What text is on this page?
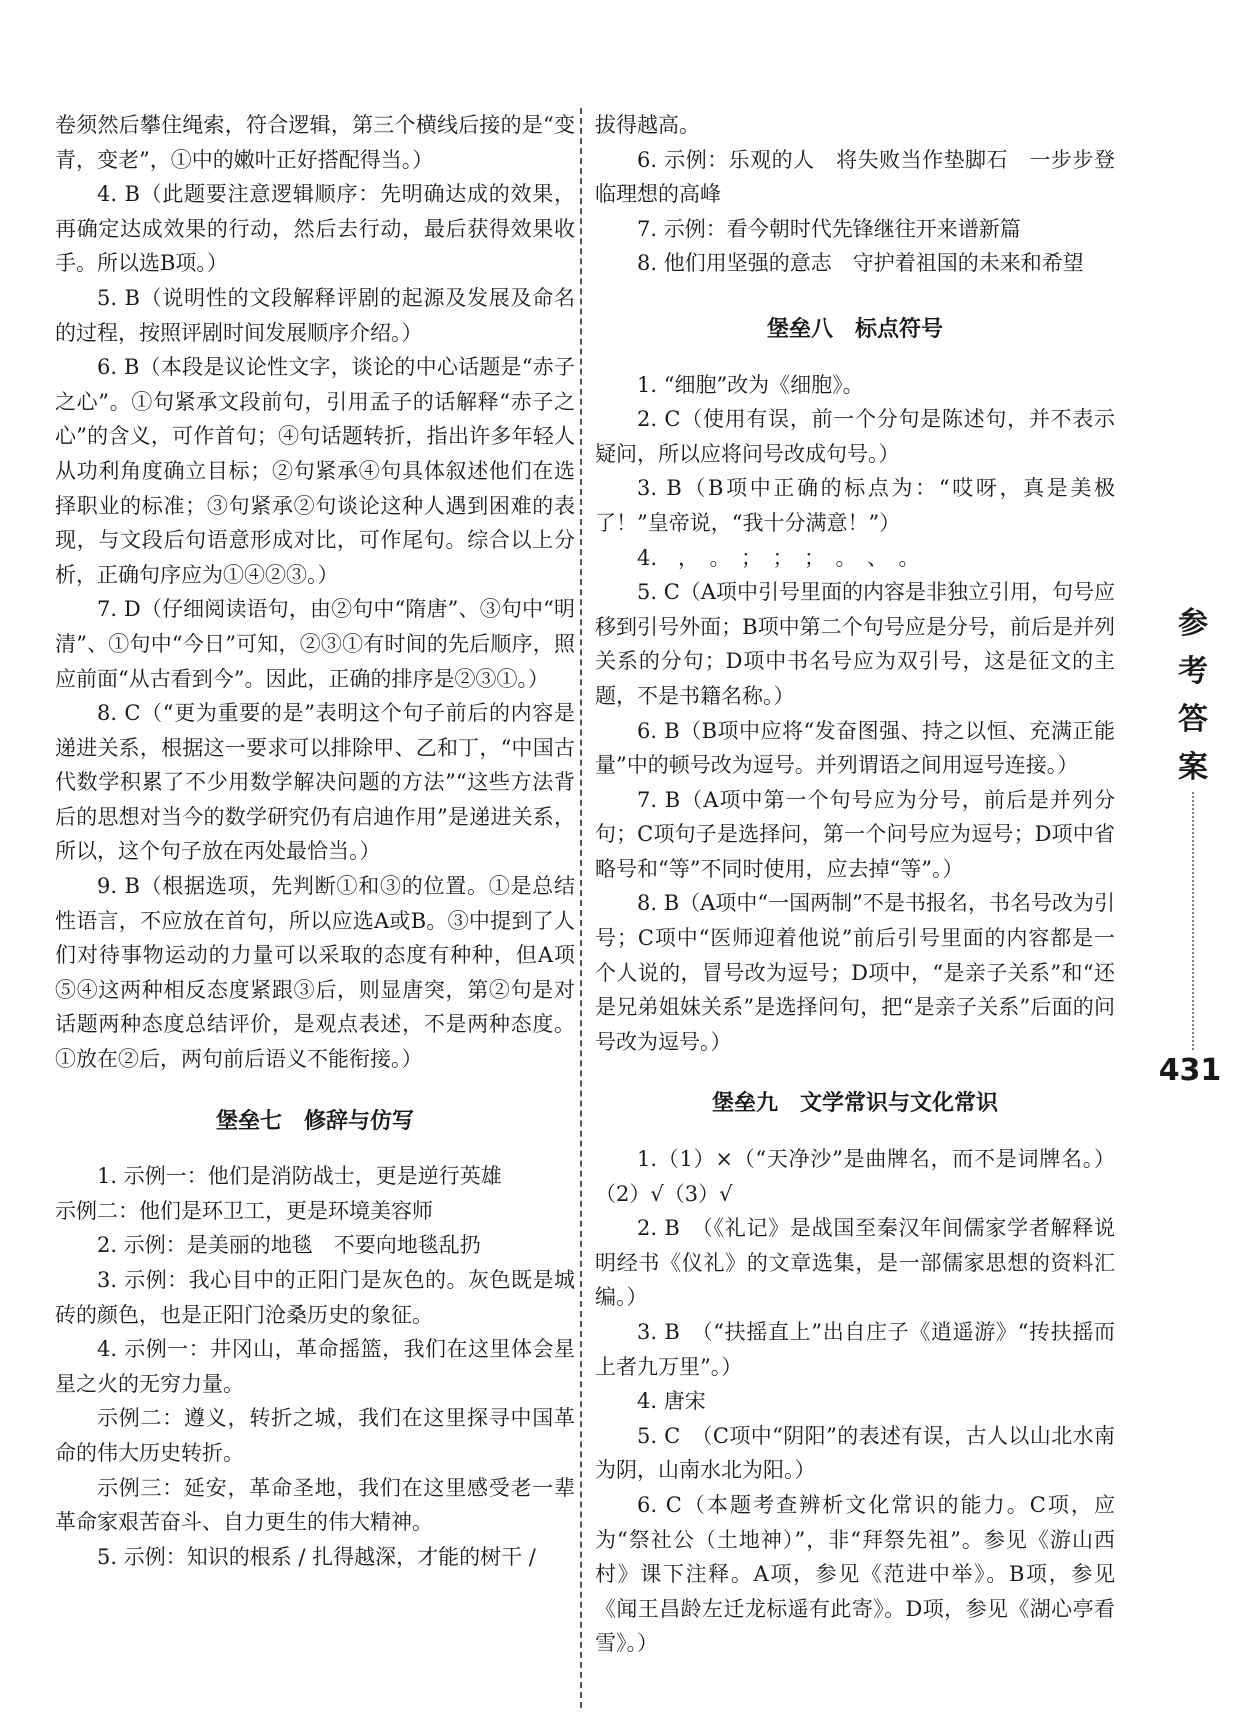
卷须然后攀住绳索，符合逻辑，第三个横线后接的是“变青，变老”，①中的嫩叶正好搭配得当。）

4. B（此题要注意逻辑顺序：先明确达成的效果，再确定达成效果的行动，然后去行动，最后获得效果收手。所以选B项。）

5. B（说明性的文段解释评剧的起源及发展及命名的过程，按照评剧时间发展顺序介绍。）

6. B（本段是议论性文字，谈论的中心话题是“赤子之心”。①句紧承文段前句，引用孟子的话解释“赤子之心”的含义，可作首句；④句话题转折，指出许多年轻人从功利角度确立目标；②句紧承④句具体叙述他们在选择职业的标准；③句紧承②句谈论这种人遇到困难的表现，与文段后句语意形成对比，可作尾句。综合以上分析，正确句序应为①④②③。）

7. D（仔细阅读语句，由②句中“隋唐”、③句中“明清”、①句中“今日”可知，②③①有时间的先后顺序，照应前面“从古看到今”。因此，正确的排序是②③①。）

8. C（“更为重要的是”表明这个句子前后的内容是递进关系，根据这一要求可以排除甲、乙和丁，“中国古代数学积累了不少用数学解决问题的方法”“这些方法背后的思想对当今的数学研究仍有启迪作用”是递进关系，所以，这个句子放在丙处最恰当。）

9. B（根据选项，先判断①和③的位置。①是总结性语言，不应放在首句，所以应选A或B。③中提到了人们对待事物运动的力量可以采取的态度有种种，但A项⑤④这两种相反态度紧跟③后，则显唐突，第②句是对话题两种态度总结评价，是观点表述，不是两种态度。①放在②后，两句前后语义不能衔接。）

堡垒七　修辞与仿写

1. 示例一：他们是消防战士，更是逆行英雄

示例二：他们是环卫工，更是环境美容师

2. 示例：是美丽的地毯　不要向地毯乱扔

3. 示例：我心目中的正阳门是灰色的。灰色既是城砖的颜色，也是正阳门沧桑历史的象征。

4. 示例一：井冈山，革命摇篮，我们在这里体会星星之火的无穷力量。

示例二：遵义，转折之城，我们在这里探寻中国革命的伟大历史转折。

示例三：延安，革命圣地，我们在这里感受老一辈革命家艰苦奋斗、自力更生的伟大精神。

5. 示例：知识的根系 / 扎得越深，才能的树干 /

拔得越高。

6. 示例：乐观的人　将失败当作垫脚石　一步步登临理想的高峰

7. 示例：看今朝时代先锋继往开来谱新篇

8. 他们用坚强的意志　守护着祖国的未来和希望

堡垒八　标点符号

1. “细胞”改为《细胞》。

2. C（使用有误，前一个分句是陈述句，并不表示疑问，所以应将问号改成句号。）

3. B（B项中正确的标点为：“哎呀，真是美极了！”皇帝说，“我十分满意！”）

4.　，　。　；　；　；　。　、　。

5. C（A项中引号里面的内容是非独立引用，句号应移到引号外面；B项中第二个句号应是分号，前后是并列关系的分句；D项中书名号应为双引号，这是征文的主题，不是书籍名称。）

6. B（B项中应将“发奋图强、持之以恒、充满正能量”中的顿号改为逗号。并列谓语之间用逗号连接。）

7. B（A项中第一个句号应为分号，前后是并列分句；C项句子是选择问，第一个问号应为逗号；D项中省略号和“等”不同时使用，应去掉“等”。）

8. B（A项中“一国两制”不是书报名，书名号改为引号；C项中“医师迎着他说”前后引号里面的内容都是一个人说的，冒号改为逗号；D项中，“是亲子关系”和“还是兄弟姐妹关系”是选择问句，把“是亲子关系”后面的问号改为逗号。）

堡垒九　文学常识与文化常识

1.（1）×（“天净沙”是曲牌名，而不是词牌名。）（2）√（3）√

2. B　（《礼记》是战国至秦汉年间儒家学者解释说明经书《仪礼》的文章选集，是一部儒家思想的资料汇编。）

3. B　（“扶摇直上”出自庄子《逍遥游》“抟扶摇而上者九万里”。）

4. 唐宋

5. C　（C项中“阴阳”的表述有误，古人以山北水南为阴，山南水北为阳。）

6. C（本题考查辨析文化常识的能力。C项，应为“祭社公（土地神）”，非“拜祭先祖”。参见《游山西村》课下注释。A项，参见《范进中举》。B项，参见《闻王昌龄左迁龙标遥有此寄》。D项，参见《湖心亭看雪》。）

参考答案
431
